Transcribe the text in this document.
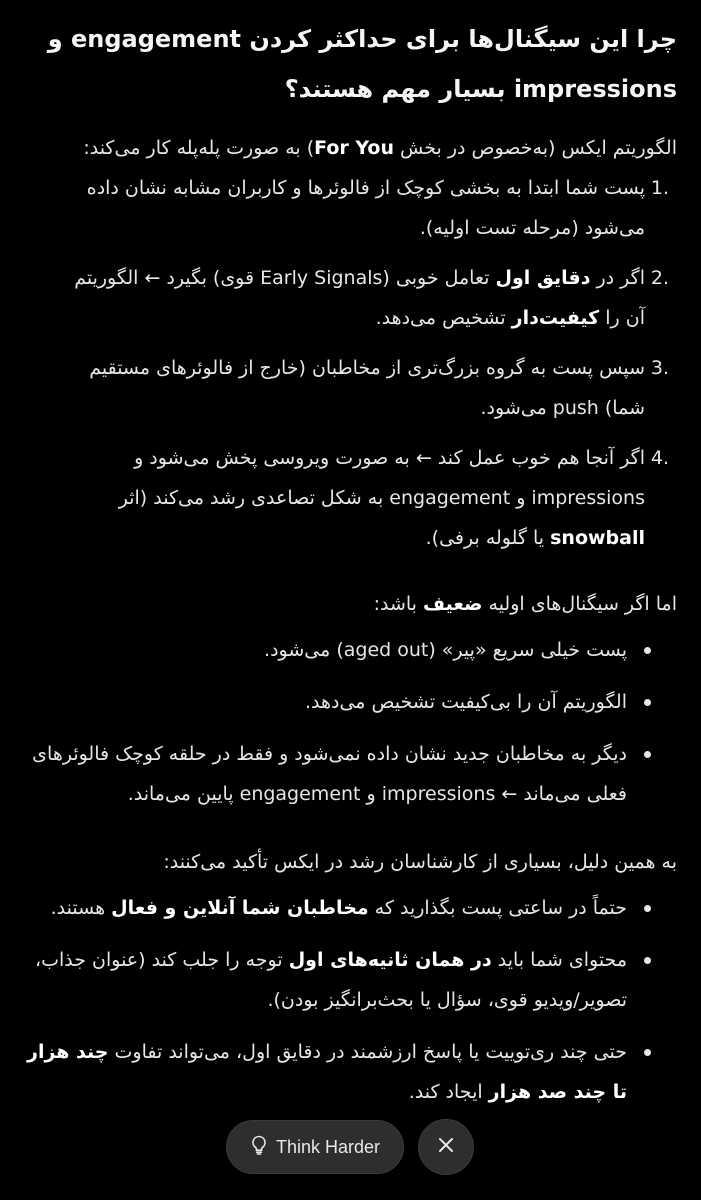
چرا این سیگنال‌ها برای حداکثر کردن engagement و
impressions بسیار مهم هستند؟

الگوریتم ایکس (به‌خصوص در بخش For You) به صورت پله‌پله کار می‌کند:

1.
پست شما ابتدا به بخشی کوچک از فالوئرها و کاربران مشابه نشان داده می‌شود (مرحله تست اولیه).
2.
اگر در دقایق اول تعامل خوبی (Early Signals قوی) بگیرد ← الگوریتم آن را کیفیت‌دار تشخیص می‌دهد.
3.
سپس پست به گروه بزرگ‌تری از مخاطبان (خارج از فالوئرهای مستقیم شما) push می‌شود.
4.
اگر آنجا هم خوب عمل کند ← به صورت ویروسی پخش می‌شود و impressions و engagement به شکل تصاعدی رشد می‌کند (اثر snowball یا گلوله برفی).

اما اگر سیگنال‌های اولیه ضعیف باشد:

پست خیلی سریع «پیر» (aged out) می‌شود.
الگوریتم آن را بی‌کیفیت تشخیص می‌دهد.
دیگر به مخاطبان جدید نشان داده نمی‌شود و فقط در حلقه کوچک فالوئرهای فعلی می‌ماند ← impressions و engagement پایین می‌ماند.

به همین دلیل، بسیاری از کارشناسان رشد در ایکس تأکید می‌کنند:

حتماً در ساعتی پست بگذارید که مخاطبان شما آنلاین و فعال هستند.
محتوای شما باید در همان ثانیه‌های اول توجه را جلب کند (عنوان جذاب، تصویر/ویدیو قوی، سؤال یا بحث‌برانگیز بودن).
حتی چند ری‌توییت یا پاسخ ارزشمند در دقایق اول، می‌تواند تفاوت چند هزار تا چند صد هزار ایجاد کند.
Think Harder
